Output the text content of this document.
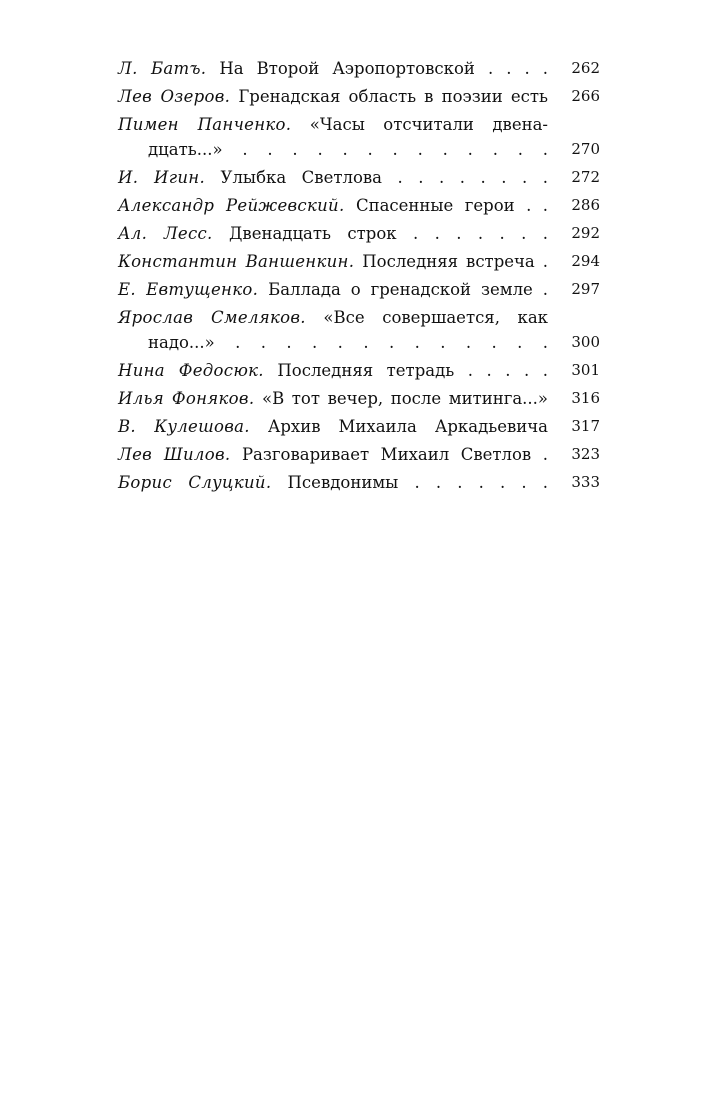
Л. Батъ. На Второй Аэропортовской . . . .	262
Лев Озеров. Гренадская область в поэзии есть	266
Пимен Панченко. «Часы отсчитали двена-
дцать...» . . . . . . . . . . . . .	270
И. Игин. Улыбка Светлова . . . . . . . .	272
Александр Рейжевский. Спасенные герои . .	286
Ал. Лесс. Двенадцать строк . . . . . . .	292
Константин Ваншенкин. Последняя встреча .	294
Е. Евтущенко. Баллада о гренадской земле .	297
Ярослав Смеляков. «Все совершается, как
надо...» . . . . . . . . . . . . .	300
Нина Федосюк. Последняя тетрадь . . . . .	301
Илья Фоняков. «В тот вечер, после митинга...»	316
В. Кулешова. Архив Михаила Аркадьевича	317
Лев Шилов. Разговаривает Михаил Светлов .	323
Борис Слуцкий. Псевдонимы . . . . . . .	333
